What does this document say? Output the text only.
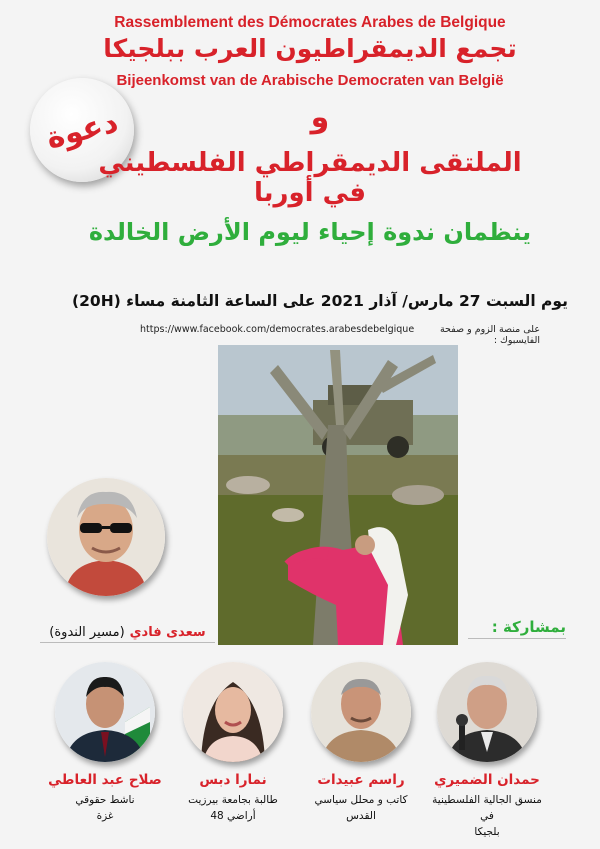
Rassemblement des Démocrates Arabes de Belgique
تجمع الديمقراطيون العرب ببلجيكا
Bijeenkomst van de Arabische Democraten van België
دعوة	و
الملتقى الديمقراطي الفلسطيني في أوربا
ينظمان ندوة إحياء ليوم الأرض الخالدة
يوم السبت 27 مارس/ آذار 2021 على الساعة الثامنة مساء (20H)
على منصة الزوم و صفحة الفايسبوك :
https://www.facebook.com/democrates.arabesdebelgique
سعدى فادي
(مسير الندوة)	بمشاركة :
حمدان الضميري
منسق الجالية الفلسطينية في
بلجيكا
راسم عبيدات
كاتب و محلل سياسي
القدس
نمارا دبس
طالبة بجامعة بيرزيت
أراضي 48
صلاح عبد العاطي
ناشط حقوقي
غزة
